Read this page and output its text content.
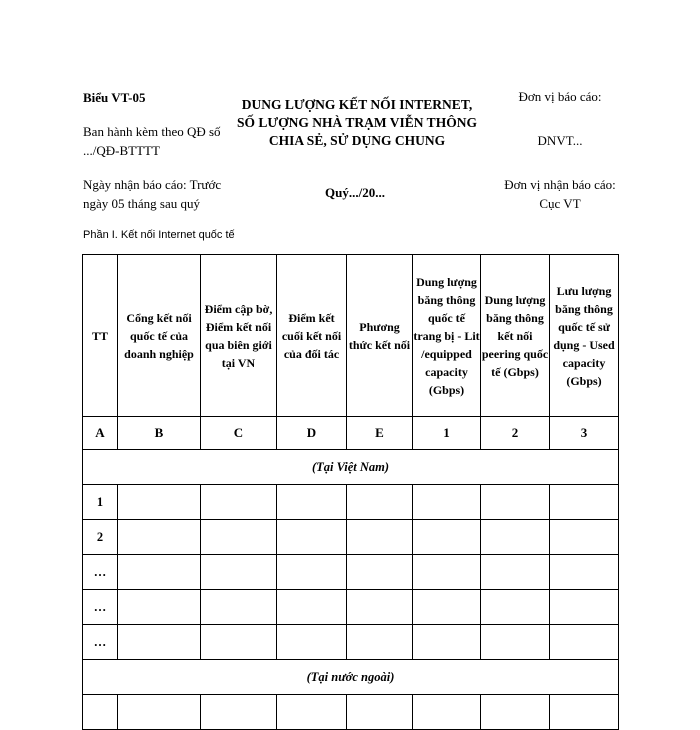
Biểu VT-05
Ban hành kèm theo QĐ số .../QĐ-BTTTT
Ngày nhận báo cáo: Trước ngày 05 tháng sau quý
DUNG LƯỢNG KẾT NỐI INTERNET,
SỐ LƯỢNG NHÀ TRẠM VIỄN THÔNG
CHIA SẺ, SỬ DỤNG CHUNG
Quý.../20...
Đơn vị báo cáo:
DNVT...
Đơn vị nhận báo cáo:
Cục VT
Phần I. Kết nối Internet quốc tế
TT	Cổng kết nối quốc tế của doanh nghiệp	Điểm cập bờ, Điểm kết nối qua biên giới tại VN	Điểm kết cuối kết nối của đối tác	Phương thức kết nối	Dung lượng băng thông quốc tế trang bị - Lit /equipped capacity (Gbps)	Dung lượng băng thông kết nối peering quốc tế (Gbps)	Lưu lượng băng thông quốc tế sử dụng - Used capacity (Gbps)
A	B	C	D	E	1	2	3
(Tại Việt Nam)							
1							
2							
…							
…							
…							
(Tại nước ngoài)							
